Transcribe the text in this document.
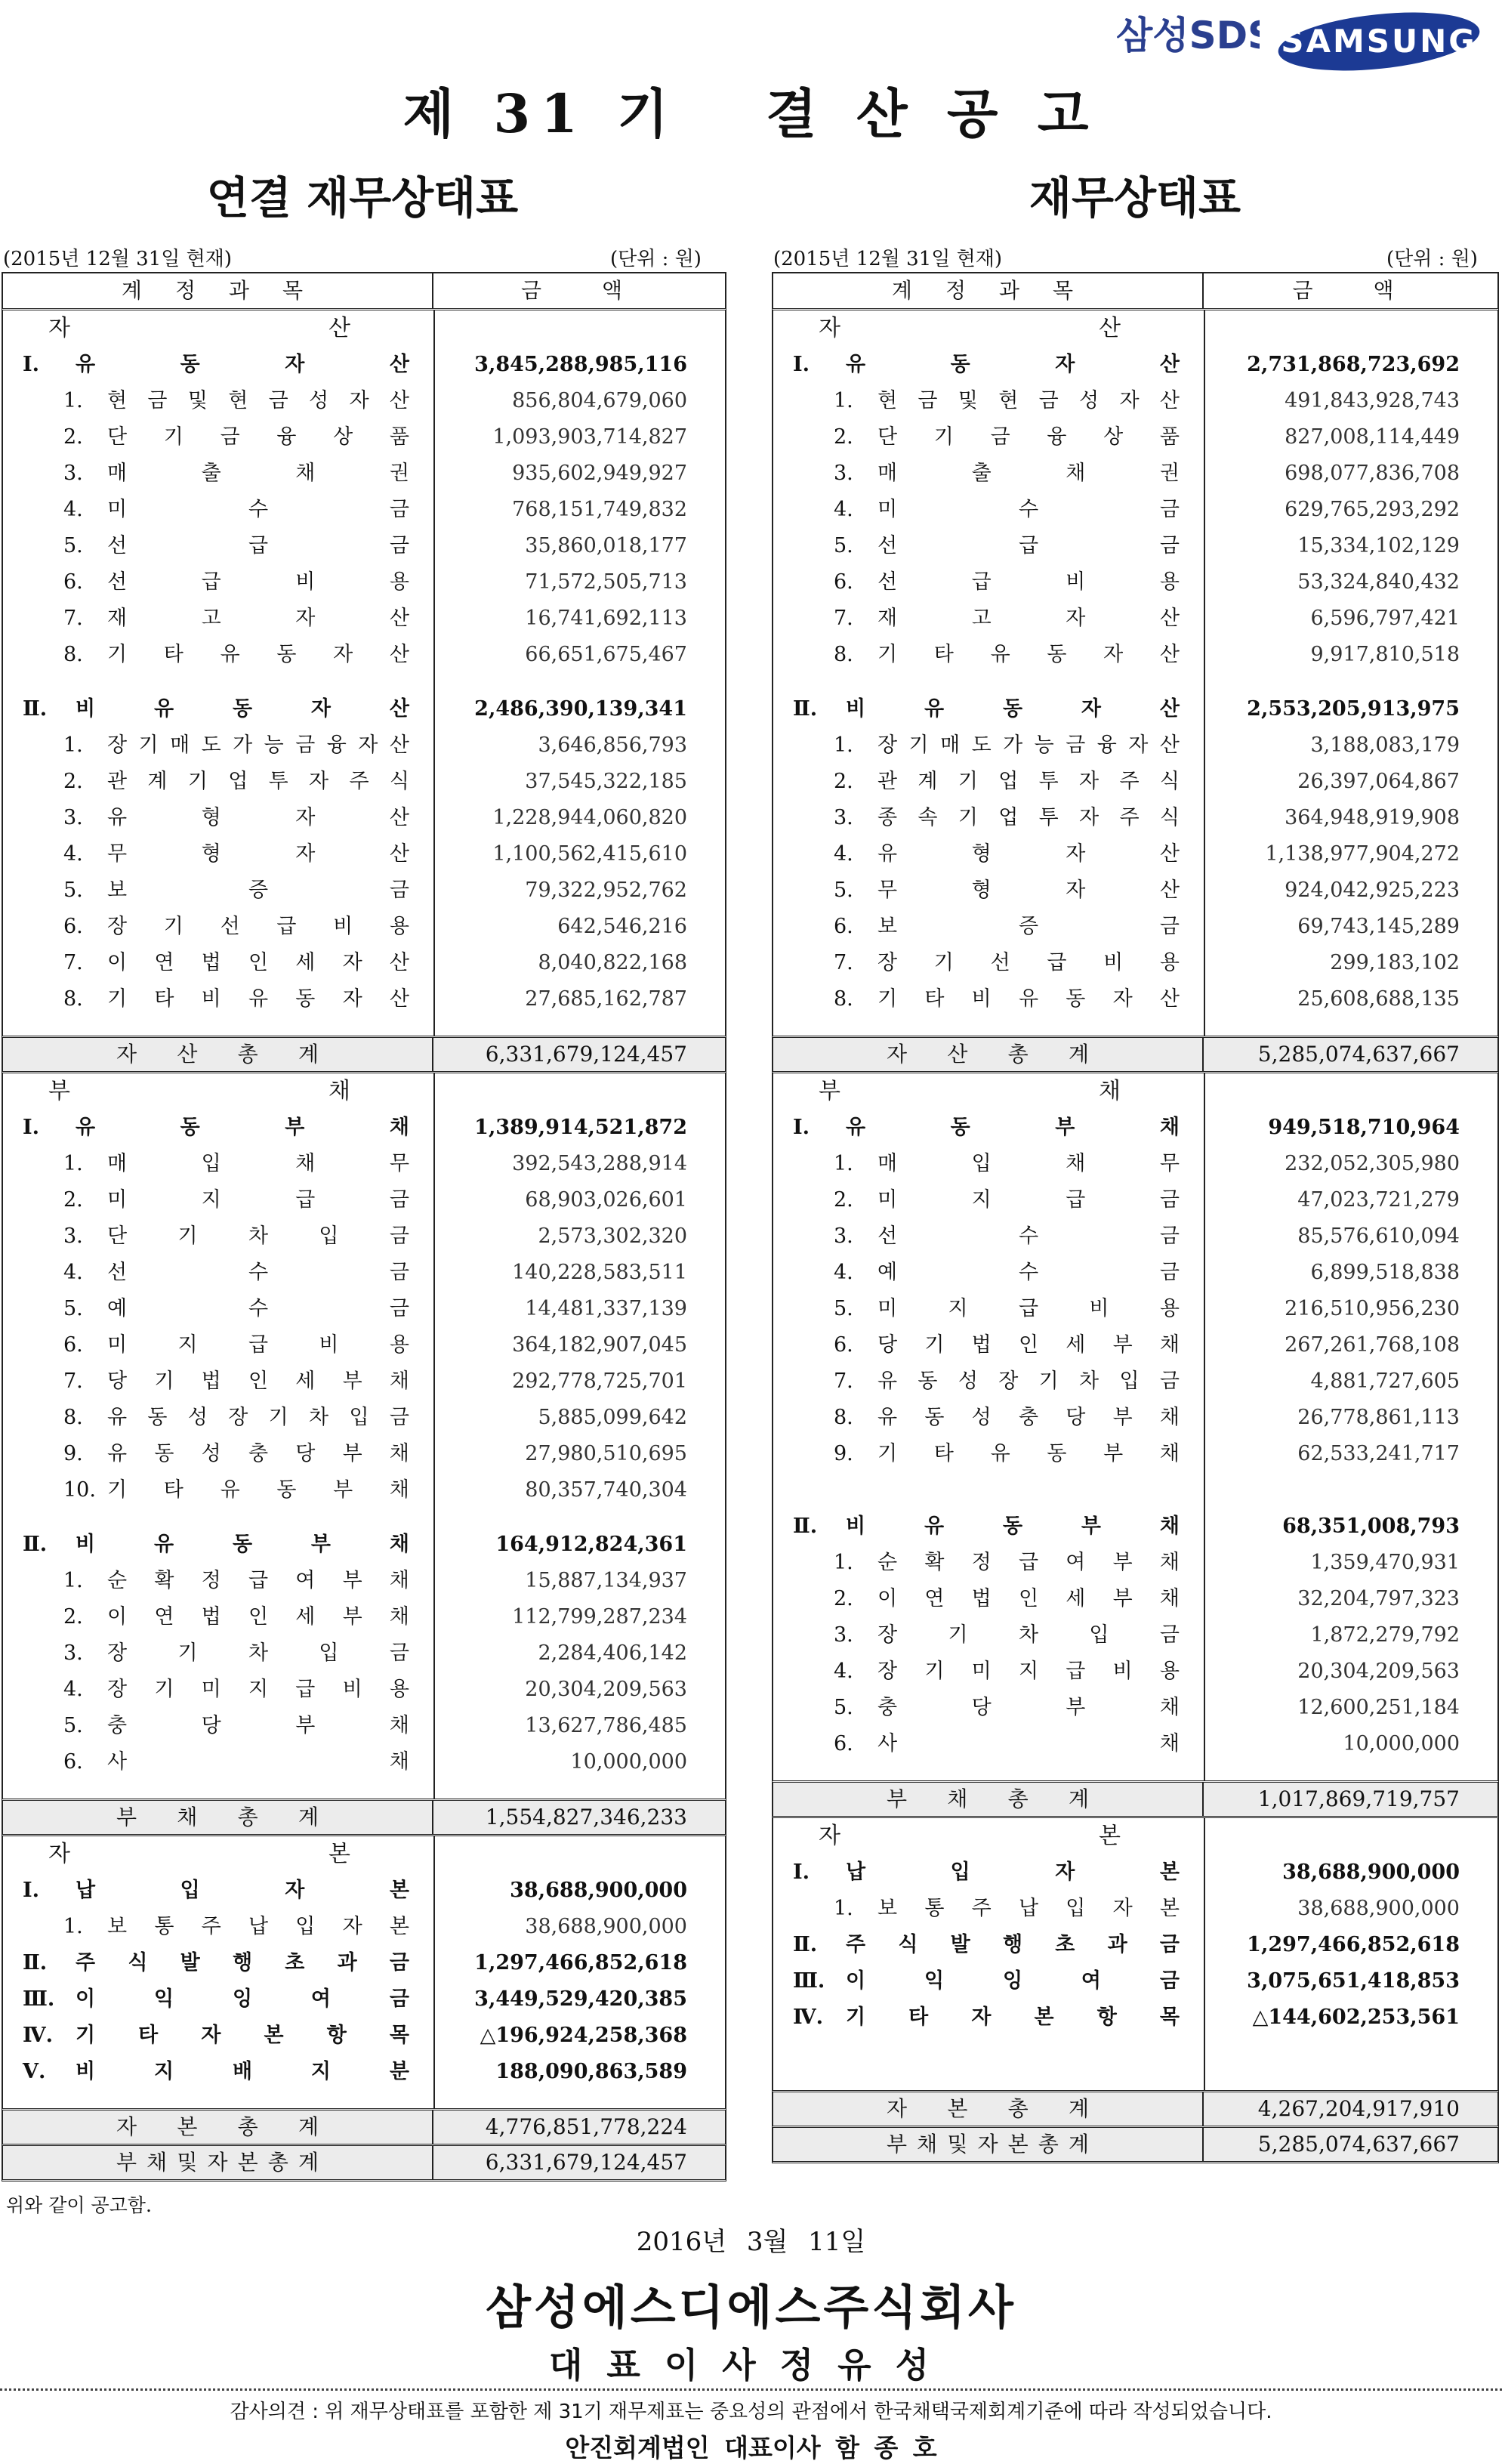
삼성SDS SAMSUNG
제 31 기   결 산 공 고
연결 재무상태표	재무상태표
(2015년 12월 31일 현재)	(단위 : 원)	(2015년 12월 31일 현재)	(단위 : 원)
계정과목	금액
자	산
Ⅰ.	유	동	자	산	3,845,288,985,116
1.	현 금 및 현 금 성 자 산	856,804,679,060
2.	단 기 금 융 상 품	1,093,903,714,827
3.	매	출	채	권	935,602,949,927
4.	미	수	금	768,151,749,832
5.	선	급	금	35,860,018,177
6.	선	급	비	용	71,572,505,713
7.	재	고	자	산	16,741,692,113
8.	기 타 유 동 자 산	66,651,675,467
Ⅱ.	비	유	동	자	산	2,486,390,139,341
1.	장 기 매 도 가 능 금 융 자 산	3,646,856,793
2.	관 계 기 업 투 자 주 식	37,545,322,185
3.	유	형	자	산	1,228,944,060,820
4.	무	형	자	산	1,100,562,415,610
5.	보	증	금	79,322,952,762
6.	장 기 선 급 비 용	642,546,216
7.	이 연 법 인 세 자 산	8,040,822,168
8.	기 타 비 유 동 자 산	27,685,162,787
자 산 총 계	6,331,679,124,457
부	채
Ⅰ.	유	동	부	채	1,389,914,521,872
1.	매	입	채	무	392,543,288,914
2.	미	지	급	금	68,903,026,601
3.	단 기 차 입 금	2,573,302,320
4.	선	수	금	140,228,583,511
5.	예	수	금	14,481,337,139
6.	미 지 급 비 용	364,182,907,045
7.	당 기 법 인 세 부 채	292,778,725,701
8.	유 동 성 장 기 차 입 금	5,885,099,642
9.	유 동 성 충 당 부 채	27,980,510,695
10. 기 타 유 동 부 채	80,357,740,304
Ⅱ.	비	유	동	부	채	164,912,824,361
1.	순 확 정 급 여 부 채	15,887,134,937
2.	이 연 법 인 세 부 채	112,799,287,234
3.	장 기 차 입 금	2,284,406,142
4.	장 기 미 지 급 비 용	20,304,209,563
5.	충	당	부	채	13,627,786,485
6.	사	채	10,000,000
부 채 총 계	1,554,827,346,233
자	본
Ⅰ.	납	입	자	본	38,688,900,000
1.	보 통 주 납 입 자 본	38,688,900,000
Ⅱ.	주 식 발 행 초 과 금	1,297,466,852,618
Ⅲ.	이	익	잉	여	금	3,449,529,420,385
Ⅳ.	기 타 자 본 항 목	△196,924,258,368
Ⅴ.	비	지	배	지	분	188,090,863,589
자 본 총 계	4,776,851,778,224
부 채 및 자 본 총 계	6,331,679,124,457
계정과목	금액
자	산
Ⅰ.	유	동	자	산	2,731,868,723,692
1.	현 금 및 현 금 성 자 산	491,843,928,743
2.	단 기 금 융 상 품	827,008,114,449
3.	매	출	채	권	698,077,836,708
4.	미	수	금	629,765,293,292
5.	선	급	금	15,334,102,129
6.	선	급	비	용	53,324,840,432
7.	재	고	자	산	6,596,797,421
8.	기 타 유 동 자 산	9,917,810,518
Ⅱ.	비	유	동	자	산	2,553,205,913,975
1.	장 기 매 도 가 능 금 융 자 산	3,188,083,179
2.	관 계 기 업 투 자 주 식	26,397,064,867
3.	종 속 기 업 투 자 주 식	364,948,919,908
4.	유	형	자	산	1,138,977,904,272
5.	무	형	자	산	924,042,925,223
6.	보	증	금	69,743,145,289
7.	장 기 선 급 비 용	299,183,102
8.	기 타 비 유 동 자 산	25,608,688,135
자 산 총 계	5,285,074,637,667
부	채
Ⅰ.	유	동	부	채	949,518,710,964
1.	매	입	채	무	232,052,305,980
2.	미	지	급	금	47,023,721,279
3.	선	수	금	85,576,610,094
4.	예	수	금	6,899,518,838
5.	미 지 급 비 용	216,510,956,230
6.	당 기 법 인 세 부 채	267,261,768,108
7.	유 동 성 장 기 차 입 금	4,881,727,605
8.	유 동 성 충 당 부 채	26,778,861,113
9.	기 타 유 동 부 채	62,533,241,717
Ⅱ.	비	유	동	부	채	68,351,008,793
1.	순 확 정 급 여 부 채	1,359,470,931
2.	이 연 법 인 세 부 채	32,204,797,323
3.	장 기 차 입 금	1,872,279,792
4.	장 기 미 지 급 비 용	20,304,209,563
5.	충	당	부	채	12,600,251,184
6.	사	채	10,000,000
부 채 총 계	1,017,869,719,757
자	본
Ⅰ.	납	입	자	본	38,688,900,000
1.	보 통 주 납 입 자 본	38,688,900,000
Ⅱ.	주 식 발 행 초 과 금	1,297,466,852,618
Ⅲ.	이	익	잉	여	금	3,075,651,418,853
Ⅳ.	기 타 자 본 항 목	△144,602,253,561
자 본 총 계	4,267,204,917,910
부 채 및 자 본 총 계	5,285,074,637,667
위와 같이 공고함.
2016년 3월 11일
삼성에스디에스주식회사
대표이사정유성
감사의견 : 위 재무상태표를 포함한 제 31기 재무제표는 중요성의 관점에서 한국채택국제회계기준에 따라 작성되었습니다.
안진회계법인 대표이사 함 종 호
